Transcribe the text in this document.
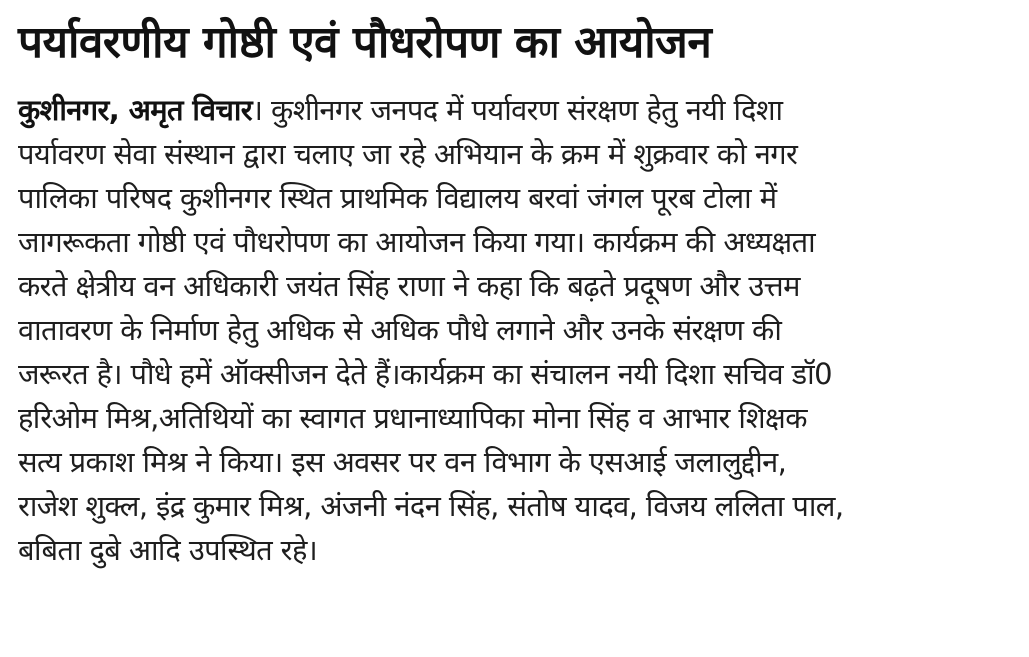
पर्यावरणीय गोष्ठी एवं पौधरोपण का आयोजन
कुशीनगर, अमृत विचार। कुशीनगर जनपद में पर्यावरण संरक्षण हेतु नयी दिशा
पर्यावरण सेवा संस्थान द्वारा चलाए जा रहे अभियान के क्रम में शुक्रवार को नगर
पालिका परिषद कुशीनगर स्थित प्राथमिक विद्यालय बरवां जंगल पूरब टोला में
जागरूकता गोष्ठी एवं पौधरोपण का आयोजन किया गया। कार्यक्रम की अध्यक्षता
करते क्षेत्रीय वन अधिकारी जयंत सिंह राणा ने कहा कि बढ़ते प्रदूषण और उत्तम
वातावरण के निर्माण हेतु अधिक से अधिक पौधे लगाने और उनके संरक्षण की
जरूरत है। पौधे हमें ऑक्सीजन देते हैं।कार्यक्रम का संचालन नयी दिशा सचिव डॉ0
हरिओम मिश्र,अतिथियों का स्वागत प्रधानाध्यापिका मोना सिंह व आभार शिक्षक
सत्य प्रकाश मिश्र ने किया। इस अवसर पर वन विभाग के एसआई जलालुद्दीन,
राजेश शुक्ल, इंद्र कुमार मिश्र, अंजनी नंदन सिंह, संतोष यादव, विजय ललिता पाल,
बबिता दुबे आदि उपस्थित रहे।
